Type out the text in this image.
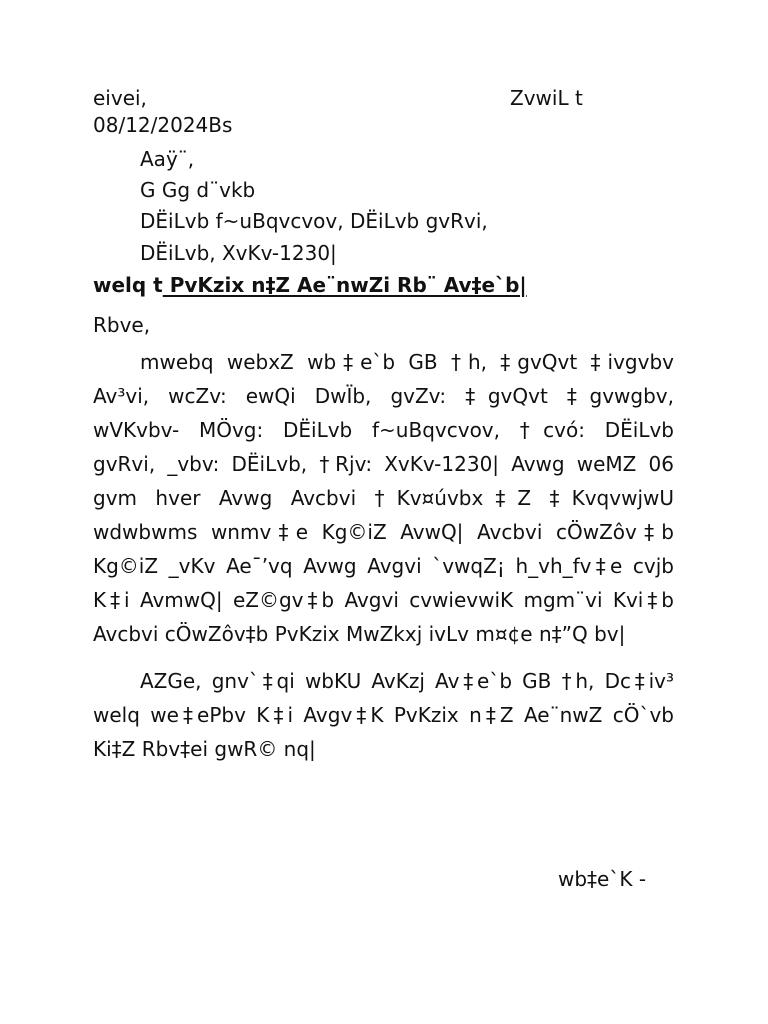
eivei,	ZvwiL t
08/12/2024Bs
Aaÿ¨,
G Gg d¨vkb
DËiLvb f~uBqvcvov, DËiLvb gvRvi,
DËiLvb, XvKv-1230|
welq t PvKzix n‡Z Ae¨nwZi Rb¨ Av‡e`b|
Rbve,
mwebq webxZ wb‡e`b GB †h, ‡gvQvt ‡ivgvbv
Av³vi, wcZv: ewQi DwÏb, gvZv: ‡gvQvt ‡gvwgbv,
wVKvbv- MÖvg: DËiLvb f~uBqvcvov, †cvó: DËiLvb
gvRvi, _vbv: DËiLvb, †Rjv: XvKv-1230| Avwg weMZ 06
gvm hver Avwg Avcbvi †Kv¤úvbx‡Z ‡KvqvwjwU
wdwbwms wnmv‡e Kg©iZ AvwQ| Avcbvi cÖwZôv‡b
Kg©iZ _vKv Ae¯’vq Avwg Avgvi `vwqZ¡ h_vh_fv‡e cvjb
K‡i AvmwQ| eZ©gv‡b Avgvi cvwievwiK mgm¨vi Kvi‡b
Avcbvi cÖwZôv‡b PvKzix MwZkxj ivLv m¤¢e n‡”Q bv|
AZGe, gnv`‡qi wbKU AvKzj Av‡e`b GB †h, Dc‡iv³
welq we‡ePbv K‡i Avgv‡K PvKzix n‡Z Ae¨nwZ cÖ`vb
Ki‡Z Rbv‡ei gwR© nq|
wb‡e`K -
